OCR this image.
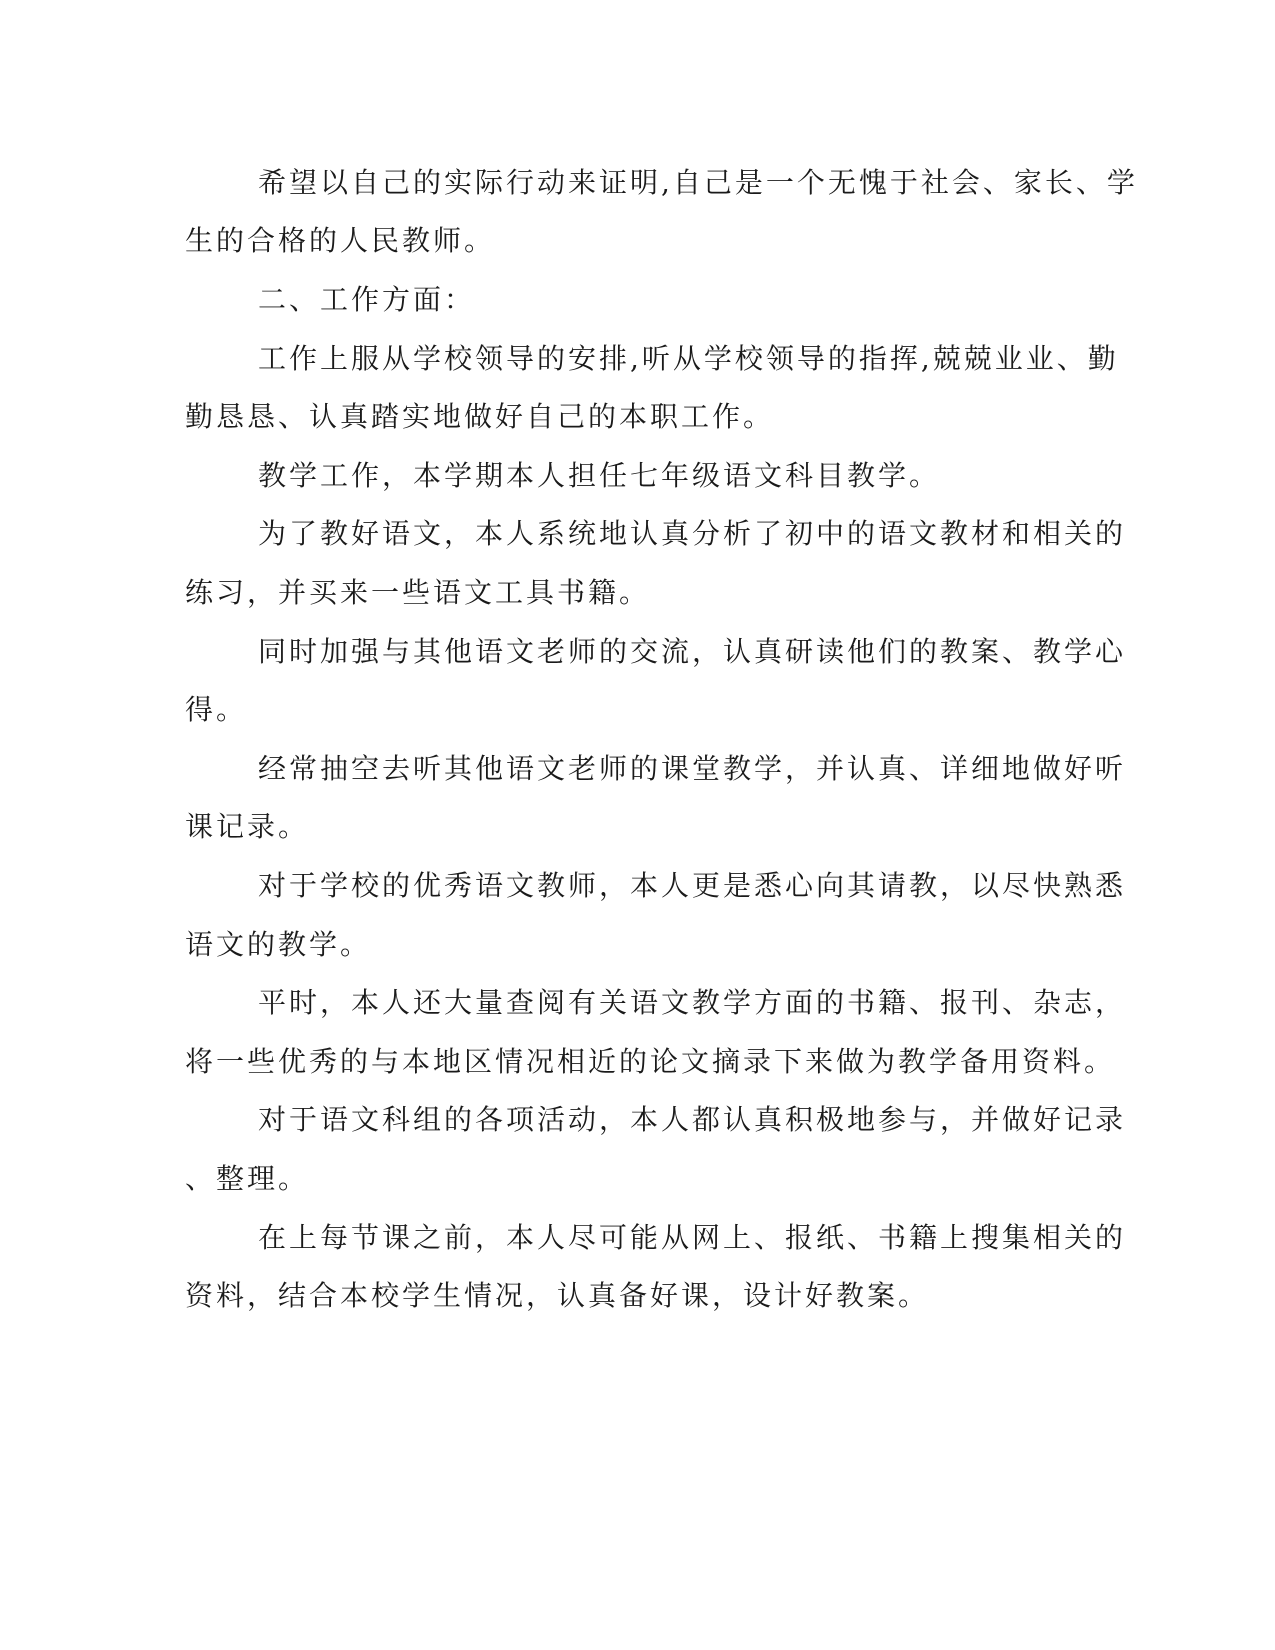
希望以自己的实际行动来证明,自己是一个无愧于社会、家长、学
生的合格的人民教师。
二、工作方面：
工作上服从学校领导的安排,听从学校领导的指挥,兢兢业业、勤
勤恳恳、认真踏实地做好自己的本职工作。
教学工作，本学期本人担任七年级语文科目教学。
为了教好语文，本人系统地认真分析了初中的语文教材和相关的
练习，并买来一些语文工具书籍。
同时加强与其他语文老师的交流，认真研读他们的教案、教学心
得。
经常抽空去听其他语文老师的课堂教学，并认真、详细地做好听
课记录。
对于学校的优秀语文教师，本人更是悉心向其请教，以尽快熟悉
语文的教学。
平时，本人还大量查阅有关语文教学方面的书籍、报刊、杂志，
将一些优秀的与本地区情况相近的论文摘录下来做为教学备用资料。
对于语文科组的各项活动，本人都认真积极地参与，并做好记录
、整理。
在上每节课之前，本人尽可能从网上、报纸、书籍上搜集相关的
资料，结合本校学生情况，认真备好课，设计好教案。
